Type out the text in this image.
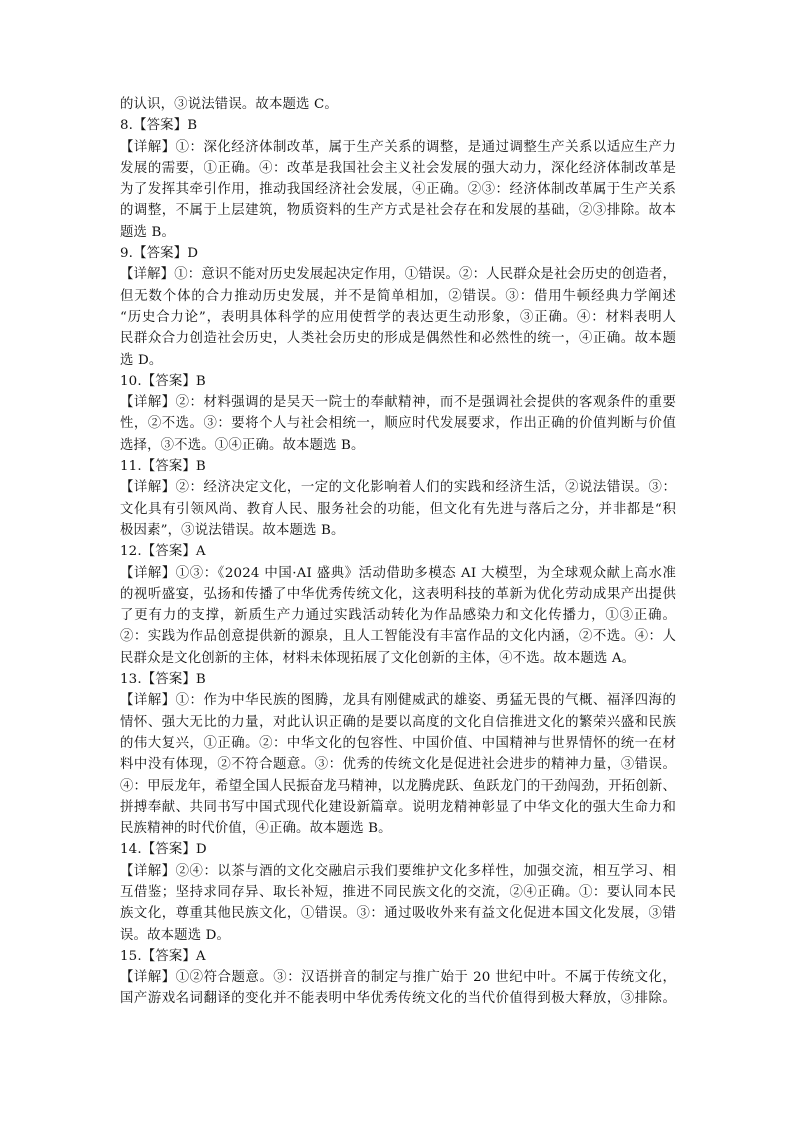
的认识，③说法错误。故本题选 C。
8.【答案】B
【详解】①：深化经济体制改革，属于生产关系的调整，是通过调整生产关系以适应生产力
发展的需要，①正确。④：改革是我国社会主义社会发展的强大动力，深化经济体制改革是
为了发挥其牵引作用，推动我国经济社会发展，④正确。②③：经济体制改革属于生产关系
的调整，不属于上层建筑，物质资料的生产方式是社会存在和发展的基础，②③排除。故本
题选 B。
9.【答案】D
【详解】①：意识不能对历史发展起决定作用，①错误。②：人民群众是社会历史的创造者，
但无数个体的合力推动历史发展，并不是简单相加，②错误。③：借用牛顿经典力学阐述
“历史合力论”，表明具体科学的应用使哲学的表达更生动形象，③正确。④：材料表明人
民群众合力创造社会历史，人类社会历史的形成是偶然性和必然性的统一，④正确。故本题
选 D。
10.【答案】B
【详解】②：材料强调的是吴天一院士的奉献精神，而不是强调社会提供的客观条件的重要
性，②不选。③：要将个人与社会相统一，顺应时代发展要求，作出正确的价值判断与价值
选择，③不选。①④正确。故本题选 B。
11.【答案】B
【详解】②：经济决定文化，一定的文化影响着人们的实践和经济生活，②说法错误。③：
文化具有引领风尚、教育人民、服务社会的功能，但文化有先进与落后之分，并非都是“积
极因素”，③说法错误。故本题选 B。
12.【答案】A
【详解】①③：《2024 中国·AI 盛典》活动借助多模态 AI 大模型，为全球观众献上高水准
的视听盛宴，弘扬和传播了中华优秀传统文化，这表明科技的革新为优化劳动成果产出提供
了更有力的支撑，新质生产力通过实践活动转化为作品感染力和文化传播力，①③正确。
②：实践为作品创意提供新的源泉，且人工智能没有丰富作品的文化内涵，②不选。④：人
民群众是文化创新的主体，材料未体现拓展了文化创新的主体，④不选。故本题选 A。
13.【答案】B
【详解】①：作为中华民族的图腾，龙具有刚健威武的雄姿、勇猛无畏的气概、福泽四海的
情怀、强大无比的力量，对此认识正确的是要以高度的文化自信推进文化的繁荣兴盛和民族
的伟大复兴，①正确。②：中华文化的包容性、中国价值、中国精神与世界情怀的统一在材
料中没有体现，②不符合题意。③：优秀的传统文化是促进社会进步的精神力量，③错误。
④：甲辰龙年，希望全国人民振奋龙马精神，以龙腾虎跃、鱼跃龙门的干劲闯劲，开拓创新、
拼搏奉献、共同书写中国式现代化建设新篇章。说明龙精神彰显了中华文化的强大生命力和
民族精神的时代价值，④正确。故本题选 B。
14.【答案】D
【详解】②④：以茶与酒的文化交融启示我们要维护文化多样性，加强交流，相互学习、相
互借鉴；坚持求同存异、取长补短，推进不同民族文化的交流，②④正确。①：要认同本民
族文化，尊重其他民族文化，①错误。③：通过吸收外来有益文化促进本国文化发展，③错
误。故本题选 D。
15.【答案】A
【详解】①②符合题意。③：汉语拼音的制定与推广始于 20 世纪中叶。不属于传统文化，
国产游戏名词翻译的变化并不能表明中华优秀传统文化的当代价值得到极大释放，③排除。
